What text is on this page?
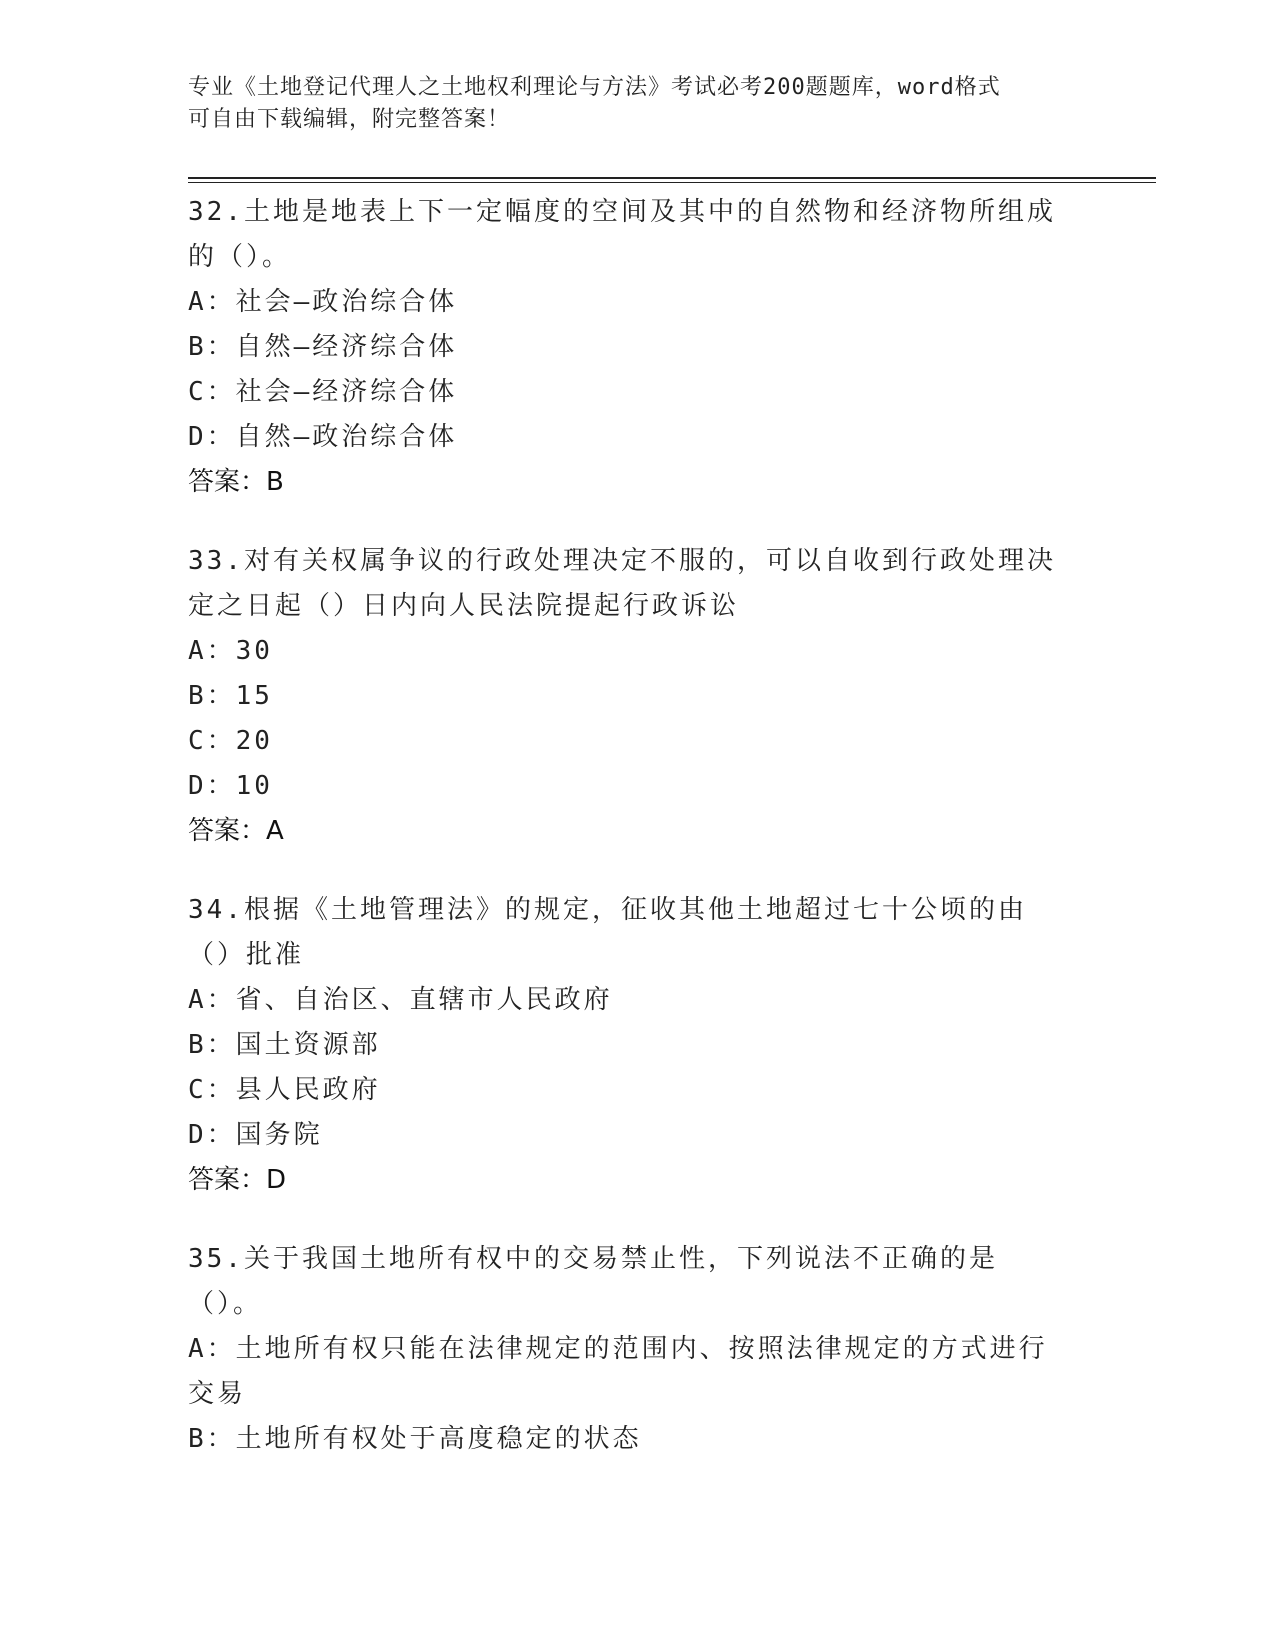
专业《土地登记代理人之土地权利理论与方法》考试必考200题题库，word格式
可自由下载编辑，附完整答案！
32.土地是地表上下一定幅度的空间及其中的自然物和经济物所组成的（）。
A：社会—政治综合体
B：自然—经济综合体
C：社会—经济综合体
D：自然—政治综合体
答案：B
33.对有关权属争议的行政处理决定不服的，可以自收到行政处理决定之日起（）日内向人民法院提起行政诉讼
A：30
B：15
C：20
D：10
答案：A
34.根据《土地管理法》的规定，征收其他土地超过七十公顷的由（）批准
A：省、自治区、直辖市人民政府
B：国土资源部
C：县人民政府
D：国务院
答案：D
35.关于我国土地所有权中的交易禁止性，下列说法不正确的是（）。
A：土地所有权只能在法律规定的范围内、按照法律规定的方式进行交易
B：土地所有权处于高度稳定的状态
